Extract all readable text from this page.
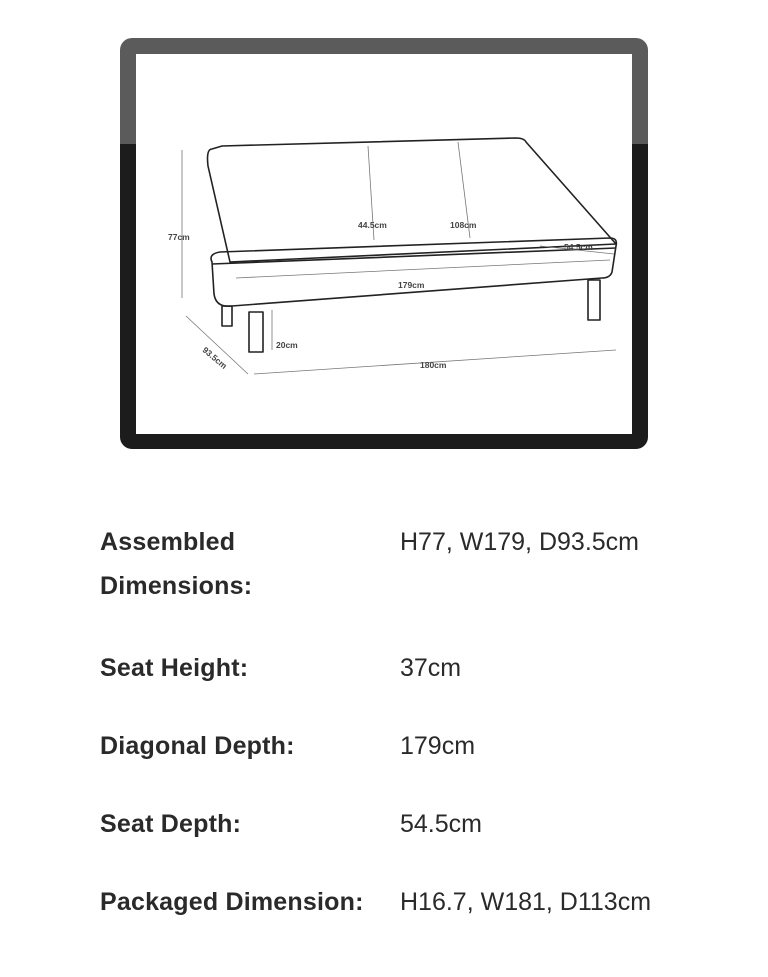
44.5cm	108cm
77cm
179cm
54.5cm
20cm
93.5cm	180cm
Assembled Dimensions:
H77, W179, D93.5cm
Seat Height:	37cm
Diagonal Depth:	179cm
Seat Depth:	54.5cm
Packaged Dimension:	H16.7, W181, D113cm
